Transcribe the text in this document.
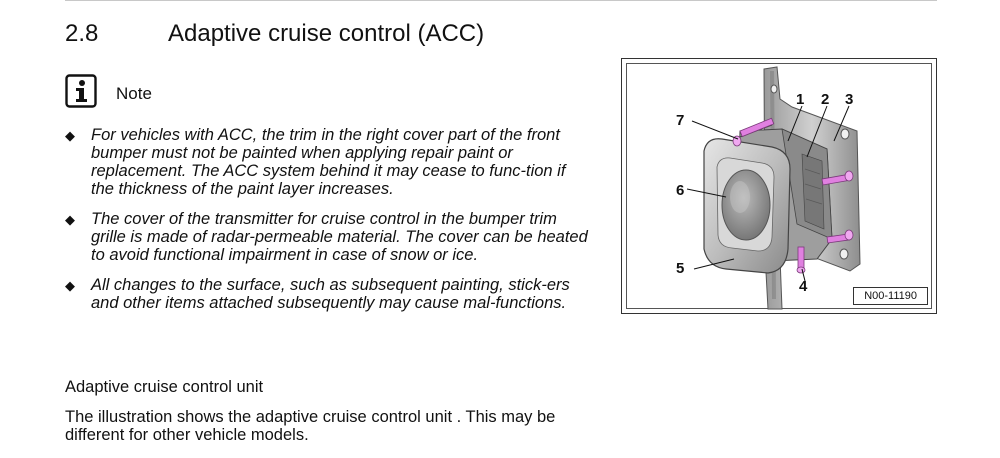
2.8	Adaptive cruise control (ACC)
Note
◆ For vehicles with ACC, the trim in the right cover part of the front bumper must not be painted when applying repair paint or replacement. The ACC system behind it may cease to func-tion if the thickness of the paint layer increases.
◆ The cover of the transmitter for cruise control in the bumper trim grille is made of radar-permeable material. The cover can be heated to avoid functional impairment in case of snow or ice.
◆ All changes to the surface, such as subsequent painting, stick-ers and other items attached subsequently may cause mal-functions.
Adaptive cruise control unit
The illustration shows the adaptive cruise control unit . This may be different for other vehicle models.
1 2 3
7
6
5
4
N00-11190
